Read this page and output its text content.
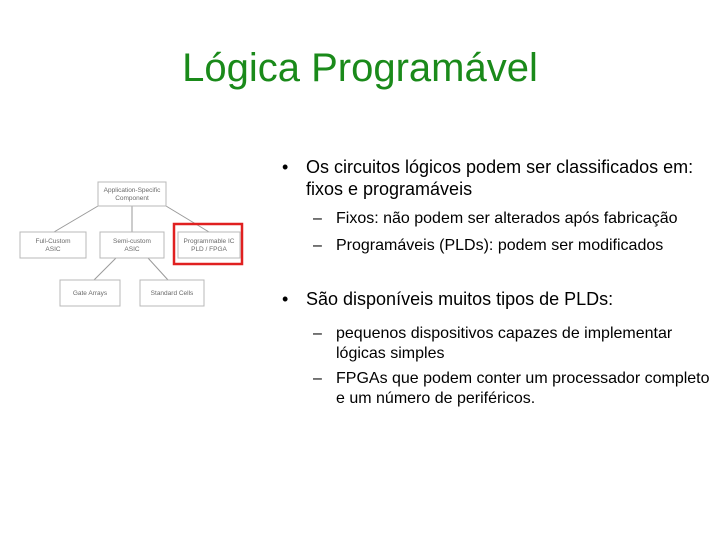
Lógica Programável
Application-Specific
Component
Full-Custom
ASIC
Semi-custom
ASIC
Programmable IC
PLD / FPGA
Gate Arrays	Standard Cells

• Os circuitos lógicos podem ser classificados em: fixos e programáveis

– Fixos: não podem ser alterados após fabricação

– Programáveis (PLDs): podem ser modificados

• São disponíveis muitos tipos de PLDs:

– pequenos dispositivos capazes de implementar lógicas simples

– FPGAs que podem conter um processador completo e um número de periféricos.
